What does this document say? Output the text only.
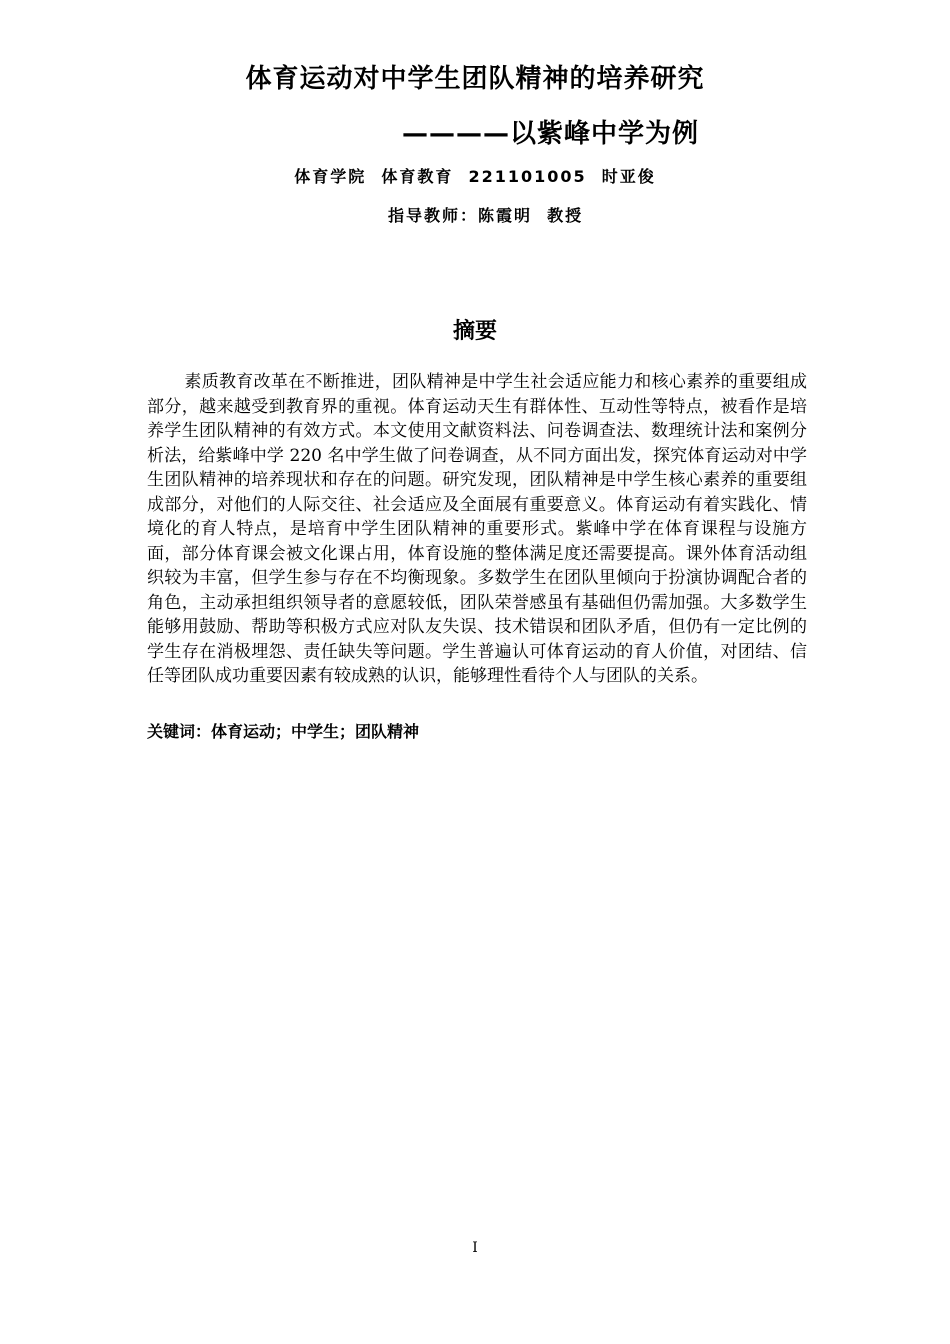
体育运动对中学生团队精神的培养研究
————以紫峰中学为例
体育学院  体育教育  221101005  时亚俊
指导教师：陈霞明  教授
摘要
素质教育改革在不断推进，团队精神是中学生社会适应能力和核心素养的重要组成部分，越来越受到教育界的重视。体育运动天生有群体性、互动性等特点，被看作是培养学生团队精神的有效方式。本文使用文献资料法、问卷调查法、数理统计法和案例分析法，给紫峰中学 220 名中学生做了问卷调查，从不同方面出发，探究体育运动对中学生团队精神的培养现状和存在的问题。研究发现，团队精神是中学生核心素养的重要组成部分，对他们的人际交往、社会适应及全面展有重要意义。体育运动有着实践化、情境化的育人特点，是培育中学生团队精神的重要形式。紫峰中学在体育课程与设施方面，部分体育课会被文化课占用，体育设施的整体满足度还需要提高。课外体育活动组织较为丰富，但学生参与存在不均衡现象。多数学生在团队里倾向于扮演协调配合者的角色，主动承担组织领导者的意愿较低，团队荣誉感虽有基础但仍需加强。大多数学生能够用鼓励、帮助等积极方式应对队友失误、技术错误和团队矛盾，但仍有一定比例的学生存在消极埋怨、责任缺失等问题。学生普遍认可体育运动的育人价值，对团结、信任等团队成功重要因素有较成熟的认识，能够理性看待个人与团队的关系。
关键词：体育运动；中学生；团队精神
I
